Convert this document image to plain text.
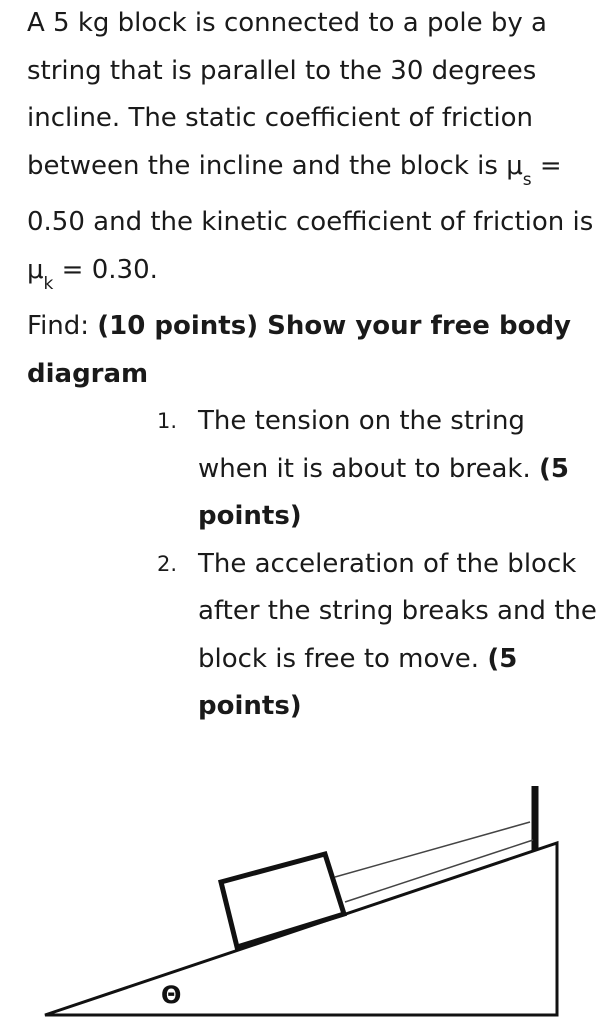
A 5 kg block is connected to a pole by a string that is parallel to the 30 degrees incline. The static coefficient of friction between the incline and the block is $\mu_s = 0.50$ and the kinetic coefficient of friction is $\mu_k = 0.30$.
Find: (10 points) Show your free body diagram
1. The tension on the string when it is about to break. (5 points)
2. The acceleration of the block after the string breaks and the block is free to move. (5 points)
Θ
